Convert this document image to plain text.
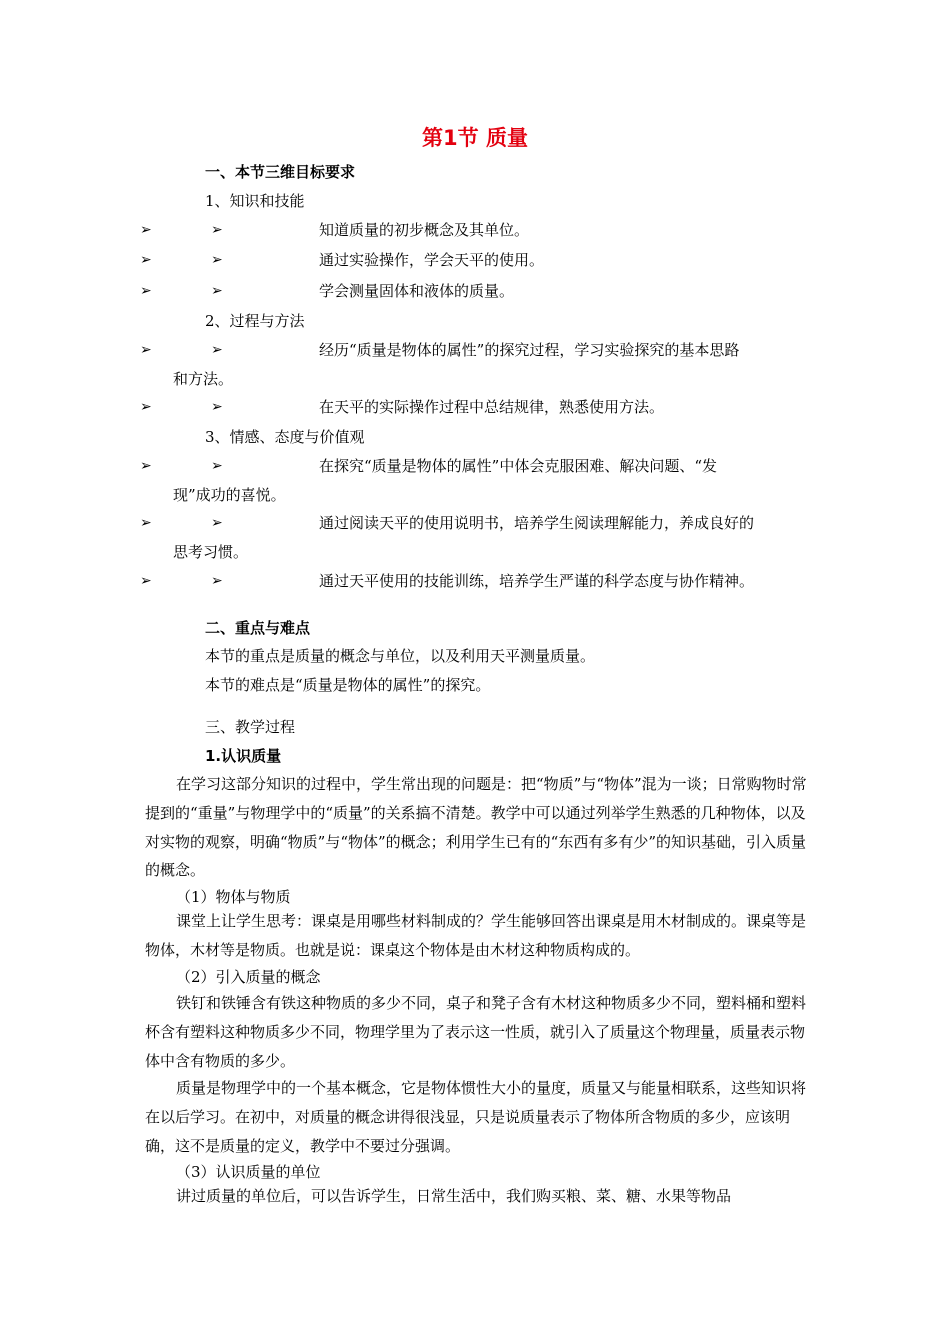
第1节 质量
一、本节三维目标要求
1、知识和技能
➢	➢	知道质量的初步概念及其单位。
➢	➢	通过实验操作，学会天平的使用。
➢	➢	学会测量固体和液体的质量。
2、过程与方法
➢	➢	经历“质量是物体的属性”的探究过程，学习实验探究的基本思路
和方法。
➢	➢	在天平的实际操作过程中总结规律，熟悉使用方法。
3、情感、态度与价值观
➢	➢	在探究“质量是物体的属性”中体会克服困难、解决问题、“发
现”成功的喜悦。
➢	➢	通过阅读天平的使用说明书，培养学生阅读理解能力，养成良好的
思考习惯。
➢	➢	通过天平使用的技能训练，培养学生严谨的科学态度与协作精神。
二、重点与难点
本节的重点是质量的概念与单位，以及利用天平测量质量。
本节的难点是“质量是物体的属性”的探究。
三、教学过程
1.认识质量
在学习这部分知识的过程中，学生常出现的问题是：把“物质”与“物体”混为一谈；日常购物时常提到的“重量”与物理学中的“质量”的关系搞不清楚。教学中可以通过列举学生熟悉的几种物体，以及对实物的观察，明确“物质”与“物体”的概念；利用学生已有的“东西有多有少”的知识基础，引入质量的概念。
（1）物体与物质
课堂上让学生思考：课桌是用哪些材料制成的？学生能够回答出课桌是用木材制成的。课桌等是物体，木材等是物质。也就是说：课桌这个物体是由木材这种物质构成的。
（2）引入质量的概念
铁钉和铁锤含有铁这种物质的多少不同，桌子和凳子含有木材这种物质多少不同，塑料桶和塑料杯含有塑料这种物质多少不同，物理学里为了表示这一性质，就引入了质量这个物理量，质量表示物体中含有物质的多少。
质量是物理学中的一个基本概念，它是物体惯性大小的量度，质量又与能量相联系，这些知识将在以后学习。在初中，对质量的概念讲得很浅显，只是说质量表示了物体所含物质的多少，应该明确，这不是质量的定义，教学中不要过分强调。
（3）认识质量的单位
讲过质量的单位后，可以告诉学生，日常生活中，我们购买粮、菜、糖、水果等物品
